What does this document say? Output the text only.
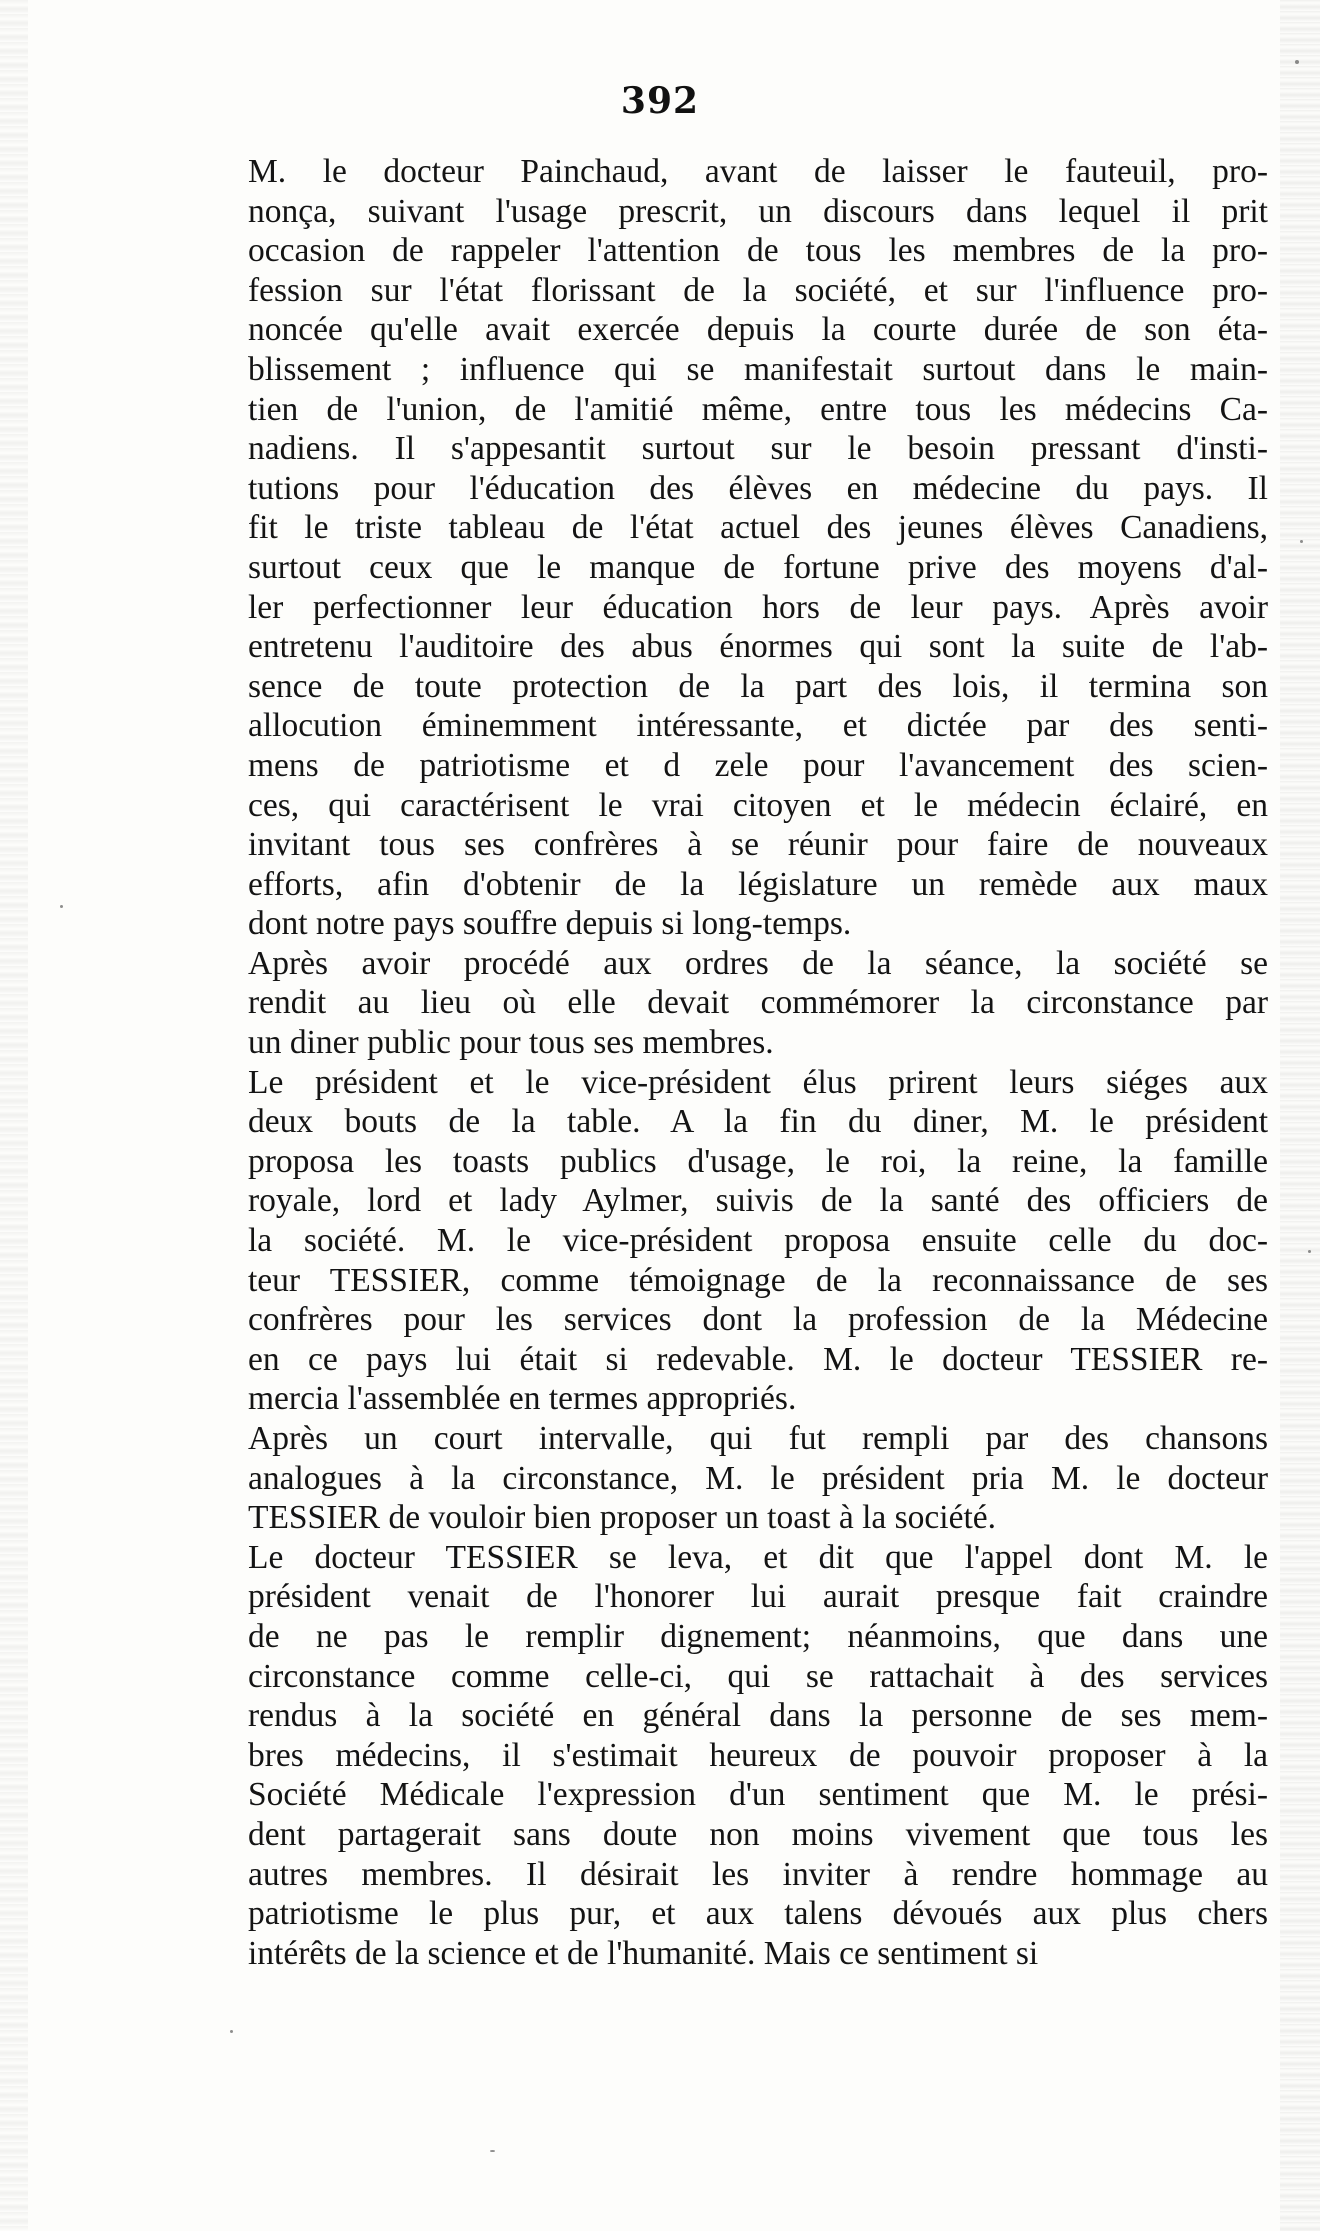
392

M. le docteur Painchaud, avant de laisser le fauteuil, pro-
nonça, suivant l'usage prescrit, un discours dans lequel il prit
occasion de rappeler l'attention de tous les membres de la pro-
fession sur l'état florissant de la société, et sur l'influence pro-
noncée qu'elle avait exercée depuis la courte durée de son éta-
blissement ; influence qui se manifestait surtout dans le main-
tien de l'union, de l'amitié même, entre tous les médecins Ca-
nadiens. Il s'appesantit surtout sur le besoin pressant d'insti-
tutions pour l'éducation des élèves en médecine du pays. Il
fit le triste tableau de l'état actuel des jeunes élèves Canadiens,
surtout ceux que le manque de fortune prive des moyens d'al-
ler perfectionner leur éducation hors de leur pays. Après avoir
entretenu l'auditoire des abus énormes qui sont la suite de l'ab-
sence de toute protection de la part des lois, il termina son
allocution éminemment intéressante, et dictée par des senti-
mens de patriotisme et d zele pour l'avancement des scien-
ces, qui caractérisent le vrai citoyen et le médecin éclairé, en
invitant tous ses confrères à se réunir pour faire de nouveaux
efforts, afin d'obtenir de la législature un remède aux maux
dont notre pays souffre depuis si long-temps.

Après avoir procédé aux ordres de la séance, la société se
rendit au lieu où elle devait commémorer la circonstance par
un diner public pour tous ses membres.

Le président et le vice-président élus prirent leurs siéges aux
deux bouts de la table. A la fin du diner, M. le président
proposa les toasts publics d'usage, le roi, la reine, la famille
royale, lord et lady Aylmer, suivis de la santé des officiers de
la société. M. le vice-président proposa ensuite celle du doc-
teur TESSIER, comme témoignage de la reconnaissance de ses
confrères pour les services dont la profession de la Médecine
en ce pays lui était si redevable. M. le docteur TESSIER re-
mercia l'assemblée en termes appropriés.

Après un court intervalle, qui fut rempli par des chansons
analogues à la circonstance, M. le président pria M. le docteur
TESSIER de vouloir bien proposer un toast à la société.

Le docteur TESSIER se leva, et dit que l'appel dont M. le
président venait de l'honorer lui aurait presque fait craindre
de ne pas le remplir dignement; néanmoins, que dans une
circonstance comme celle-ci, qui se rattachait à des services
rendus à la société en général dans la personne de ses mem-
bres médecins, il s'estimait heureux de pouvoir proposer à la
Société Médicale l'expression d'un sentiment que M. le prési-
dent partagerait sans doute non moins vivement que tous les
autres membres. Il désirait les inviter à rendre hommage au
patriotisme le plus pur, et aux talens dévoués aux plus chers
intérêts de la science et de l'humanité. Mais ce sentiment si
